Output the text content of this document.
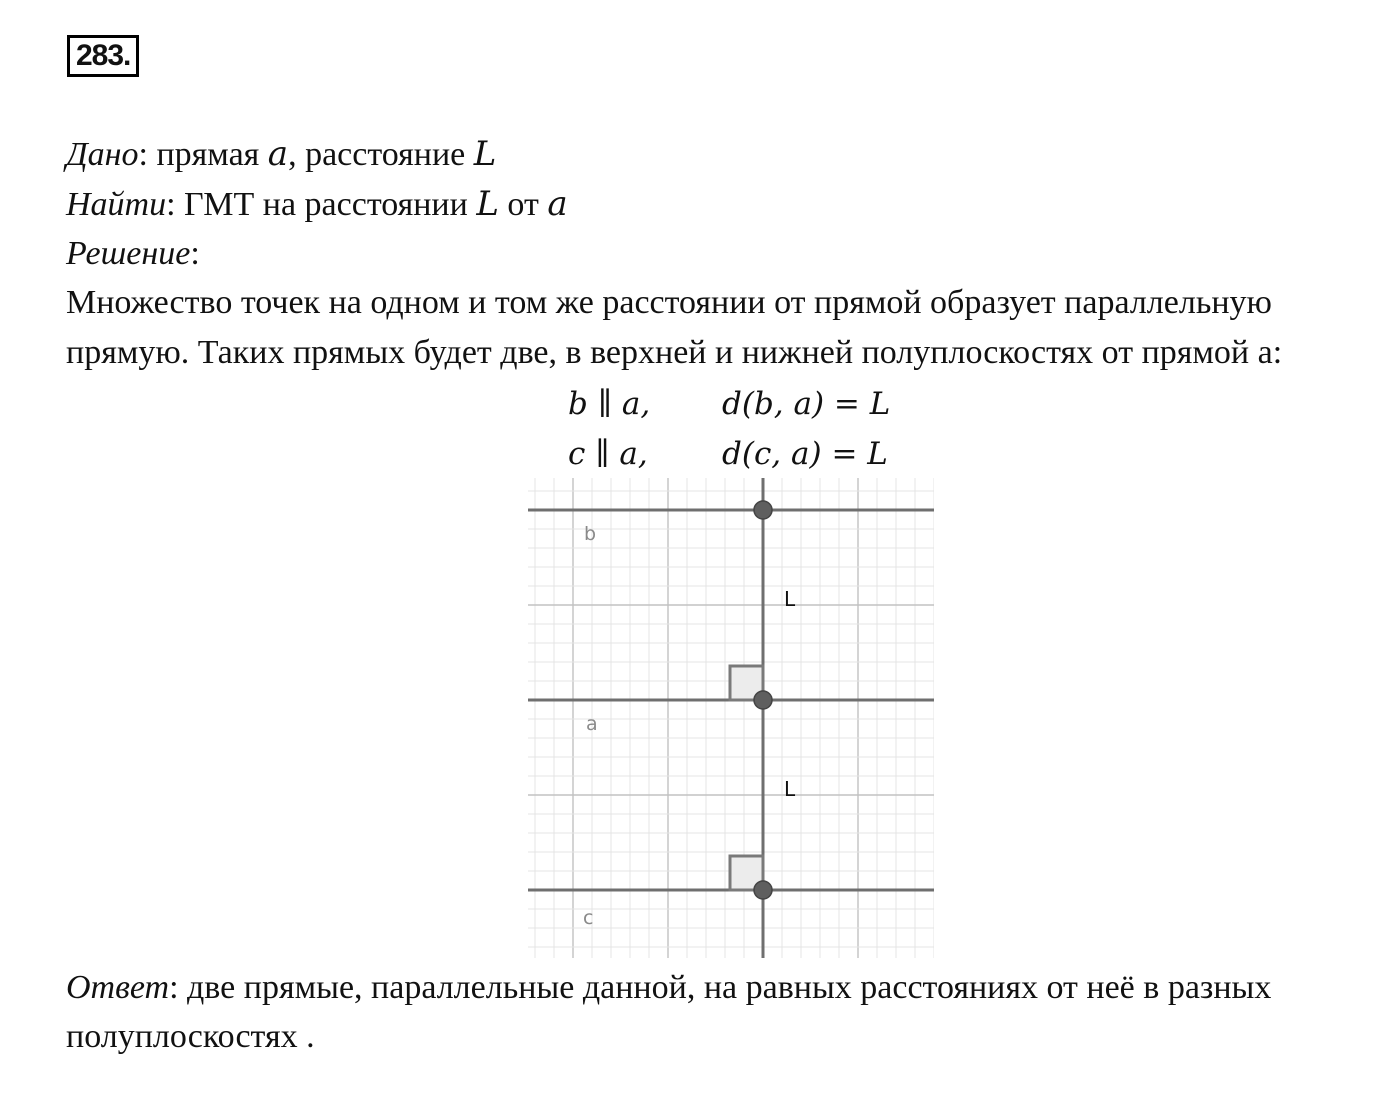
283.
Дано: прямая a, расстояние L
Найти: ГМТ на расстоянии L от a
Решение:
Множество точек на одном и том же расстоянии от прямой образует параллельную
прямую. Таких прямых будет две, в верхней и нижней полуплоскостях от прямой а:
b ∥ a, d(b, a) = L
c ∥ a, d(c, a) = L
b
a
c
L
L
Ответ: две прямые, параллельные данной, на равных расстояниях от неё в разных
полуплоскостях .
